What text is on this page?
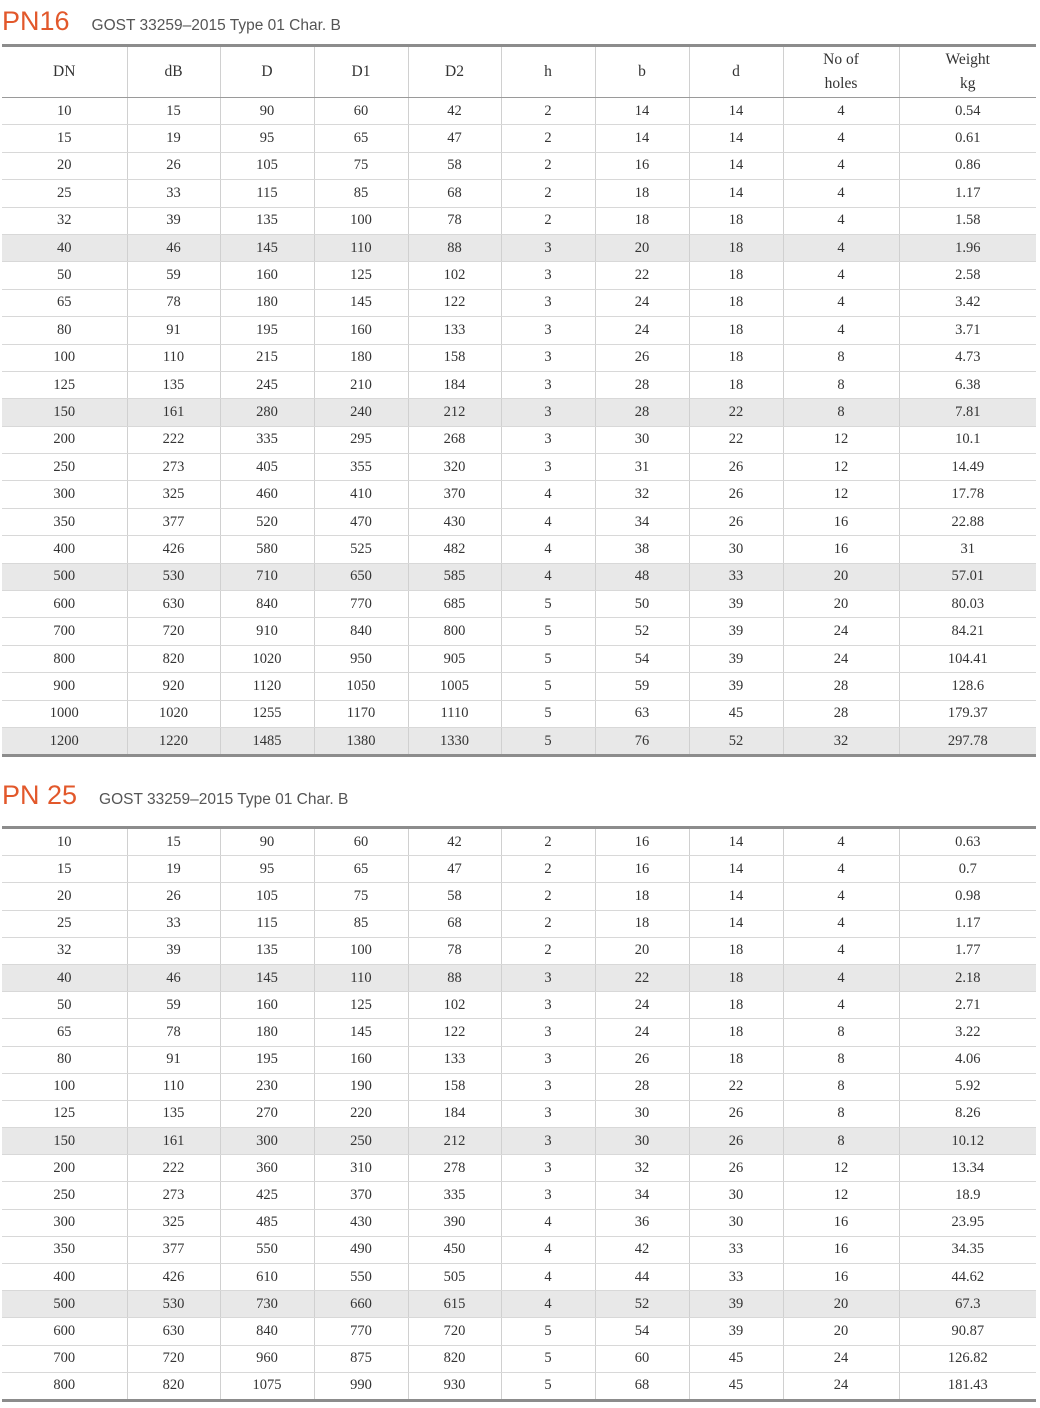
PN16 GOST 33259–2015 Type 01 Char. B
DN	dB	D	D1	D2	h	b	d	No of holes	Weight kg
10	15	90	60	42	2	14	14	4	0.54
15	19	95	65	47	2	14	14	4	0.61
20	26	105	75	58	2	16	14	4	0.86
25	33	115	85	68	2	18	14	4	1.17
32	39	135	100	78	2	18	18	4	1.58
40	46	145	110	88	3	20	18	4	1.96
50	59	160	125	102	3	22	18	4	2.58
65	78	180	145	122	3	24	18	4	3.42
80	91	195	160	133	3	24	18	4	3.71
100	110	215	180	158	3	26	18	8	4.73
125	135	245	210	184	3	28	18	8	6.38
150	161	280	240	212	3	28	22	8	7.81
200	222	335	295	268	3	30	22	12	10.1
250	273	405	355	320	3	31	26	12	14.49
300	325	460	410	370	4	32	26	12	17.78
350	377	520	470	430	4	34	26	16	22.88
400	426	580	525	482	4	38	30	16	31
500	530	710	650	585	4	48	33	20	57.01
600	630	840	770	685	5	50	39	20	80.03
700	720	910	840	800	5	52	39	24	84.21
800	820	1020	950	905	5	54	39	24	104.41
900	920	1120	1050	1005	5	59	39	28	128.6
1000	1020	1255	1170	1110	5	63	45	28	179.37
1200	1220	1485	1380	1330	5	76	52	32	297.78
PN 25 GOST 33259–2015 Type 01 Char. B
10	15	90	60	42	2	16	14	4	0.63
15	19	95	65	47	2	16	14	4	0.7
20	26	105	75	58	2	18	14	4	0.98
25	33	115	85	68	2	18	14	4	1.17
32	39	135	100	78	2	20	18	4	1.77
40	46	145	110	88	3	22	18	4	2.18
50	59	160	125	102	3	24	18	4	2.71
65	78	180	145	122	3	24	18	8	3.22
80	91	195	160	133	3	26	18	8	4.06
100	110	230	190	158	3	28	22	8	5.92
125	135	270	220	184	3	30	26	8	8.26
150	161	300	250	212	3	30	26	8	10.12
200	222	360	310	278	3	32	26	12	13.34
250	273	425	370	335	3	34	30	12	18.9
300	325	485	430	390	4	36	30	16	23.95
350	377	550	490	450	4	42	33	16	34.35
400	426	610	550	505	4	44	33	16	44.62
500	530	730	660	615	4	52	39	20	67.3
600	630	840	770	720	5	54	39	20	90.87
700	720	960	875	820	5	60	45	24	126.82
800	820	1075	990	930	5	68	45	24	181.43
